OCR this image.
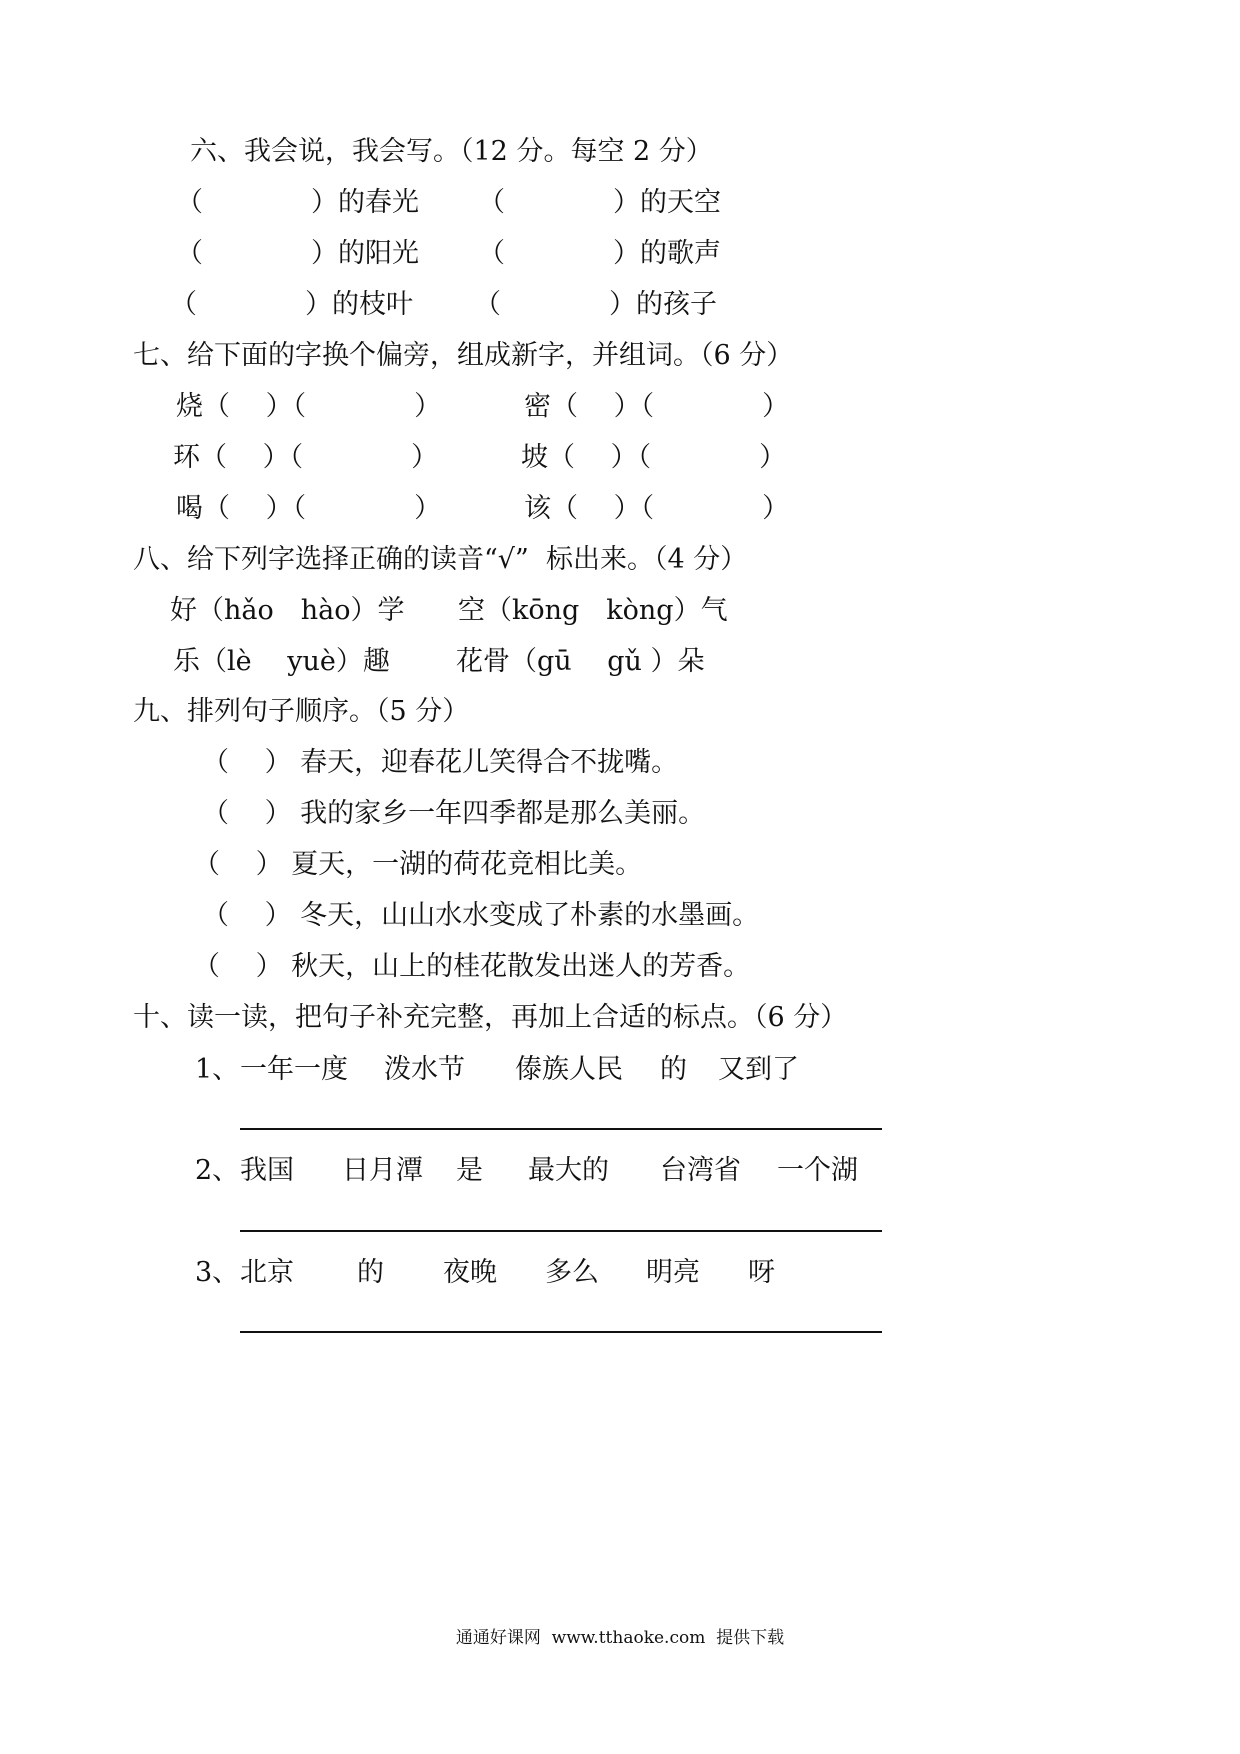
六、我会说，我会写。（12 分。每空 2 分）
（　　　　）的春光 （　　　　）的天空
（　　　　）的阳光 （　　　　）的歌声
（　　　　）的枝叶 （　　　　）的孩子
七、给下面的字换个偏旁，组成新字，并组词。（6 分）
烧（　 ）（　　　　）	密（　 ）（　　　　）
环（　 ）（　　　　）	坡（　 ）（　　　　）
喝（　 ）（　　　　）	该（　 ）（　　　　）
八、给下列字选择正确的读音“√”  标出来。（4 分）
好（hǎo　hào）学 空（kōng　kòng）气
乐（lè　 yuè）趣 花骨（gū　 gǔ ）朵
九、排列句子顺序。（5 分）
（　 ） 春天，迎春花儿笑得合不拢嘴。
（　 ） 我的家乡一年四季都是那么美丽。
（　 ） 夏天，一湖的荷花竞相比美。
（　 ） 冬天，山山水水变成了朴素的水墨画。
（　 ） 秋天，山上的桂花散发出迷人的芳香。
十、读一读，把句子补充完整，再加上合适的标点。（6 分）
1、 一年一度 泼水节 傣族人民 的 又到了
2、 我国 日月潭 是 最大的 台湾省 一个湖
3、 北京 的 夜晚 多么 明亮 呀
通通好课网  www.tthaoke.com  提供下载
